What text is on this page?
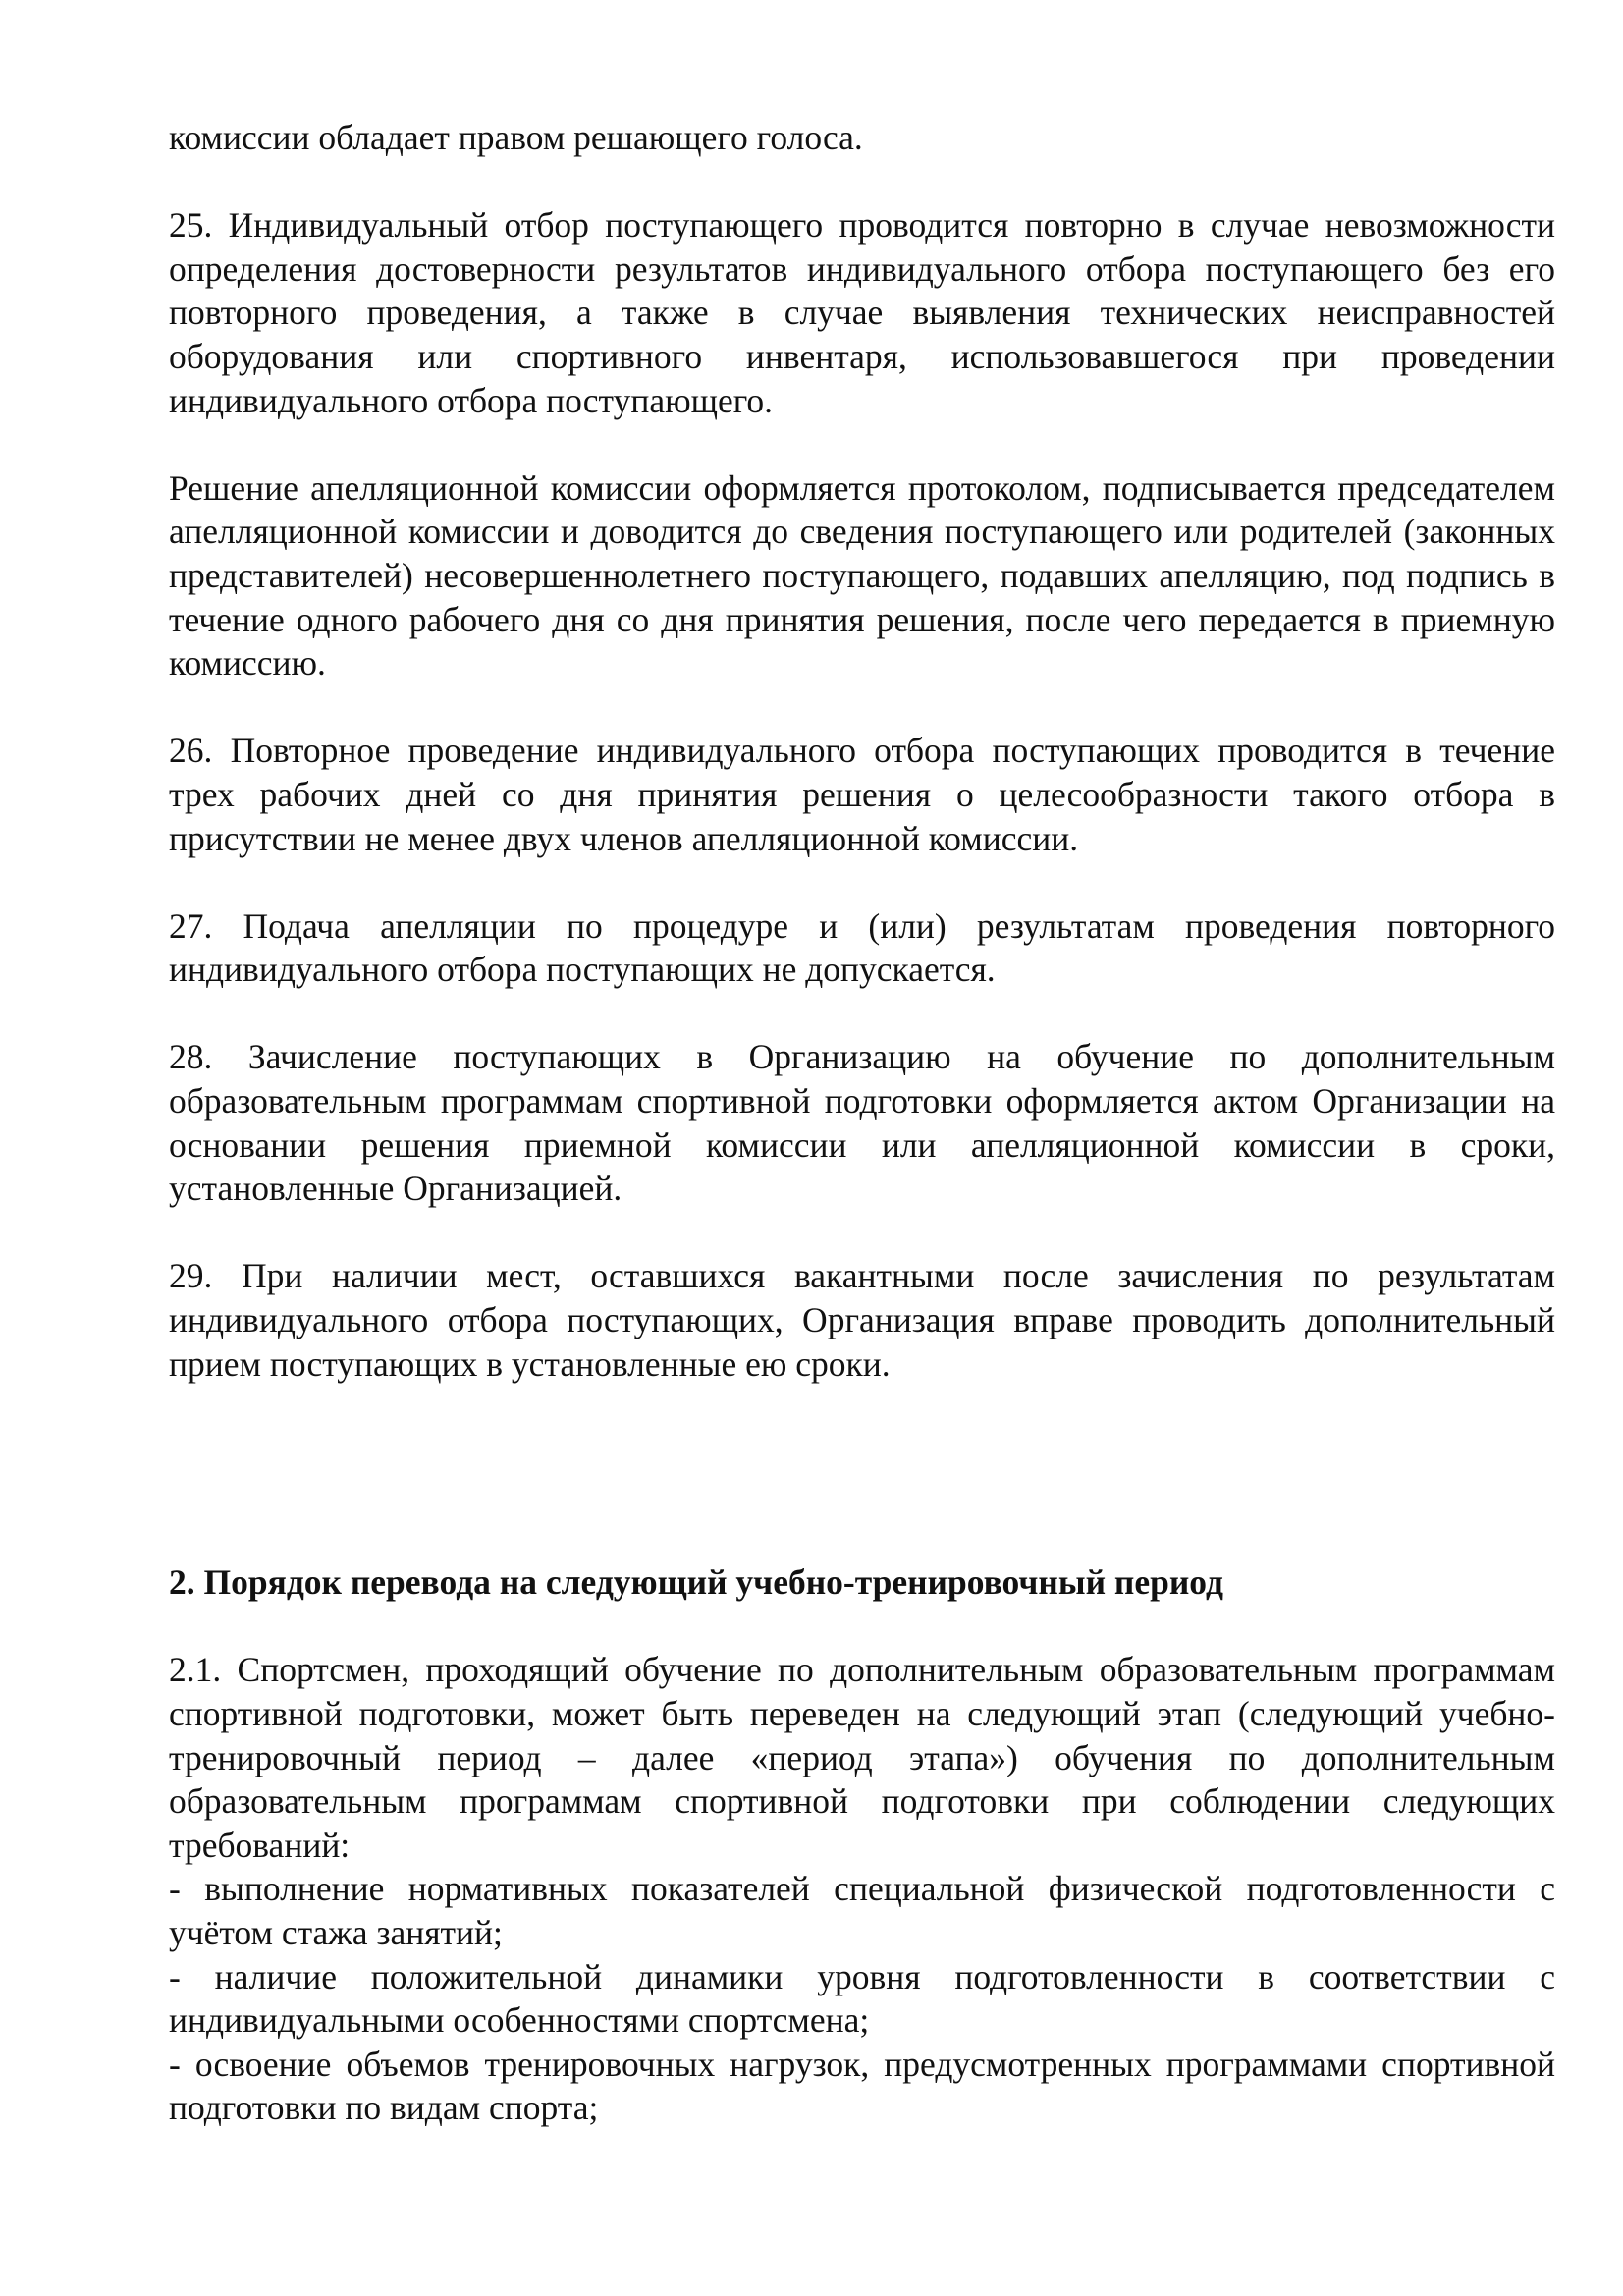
комиссии обладает правом решающего голоса.

25. Индивидуальный отбор поступающего проводится повторно в случае невозможности определения достоверности результатов индивидуального отбора поступающего без его повторного проведения, а также в случае выявления технических неисправностей оборудования или спортивного инвентаря, использовавшегося при проведении индивидуального отбора поступающего.

Решение апелляционной комиссии оформляется протоколом, подписывается председателем апелляционной комиссии и доводится до сведения поступающего или родителей (законных представителей) несовершеннолетнего поступающего, подавших апелляцию, под подпись в течение одного рабочего дня со дня принятия решения, после чего передается в приемную комиссию.

26. Повторное проведение индивидуального отбора поступающих проводится в течение трех рабочих дней со дня принятия решения о целесообразности такого отбора в присутствии не менее двух членов апелляционной комиссии.

27. Подача апелляции по процедуре и (или) результатам проведения повторного индивидуального отбора поступающих не допускается.

28. Зачисление поступающих в Организацию на обучение по дополнительным образовательным программам спортивной подготовки оформляется актом Организации на основании решения приемной комиссии или апелляционной комиссии в сроки, установленные Организацией.

29. При наличии мест, оставшихся вакантными после зачисления по результатам индивидуального отбора поступающих, Организация вправе проводить дополнительный прием поступающих в установленные ею сроки.

2. Порядок перевода на следующий учебно-тренировочный период

2.1. Спортсмен, проходящий обучение по дополнительным образовательным программам спортивной подготовки, может быть переведен на следующий этап (следующий учебно-тренировочный период – далее «период этапа») обучения по дополнительным образовательным программам спортивной подготовки при соблюдении следующих требований:

- выполнение нормативных показателей специальной физической подготовленности с учётом стажа занятий;

- наличие положительной динамики уровня подготовленности в соответствии с индивидуальными особенностями спортсмена;

- освоение объемов тренировочных нагрузок, предусмотренных программами спортивной подготовки по видам спорта;
